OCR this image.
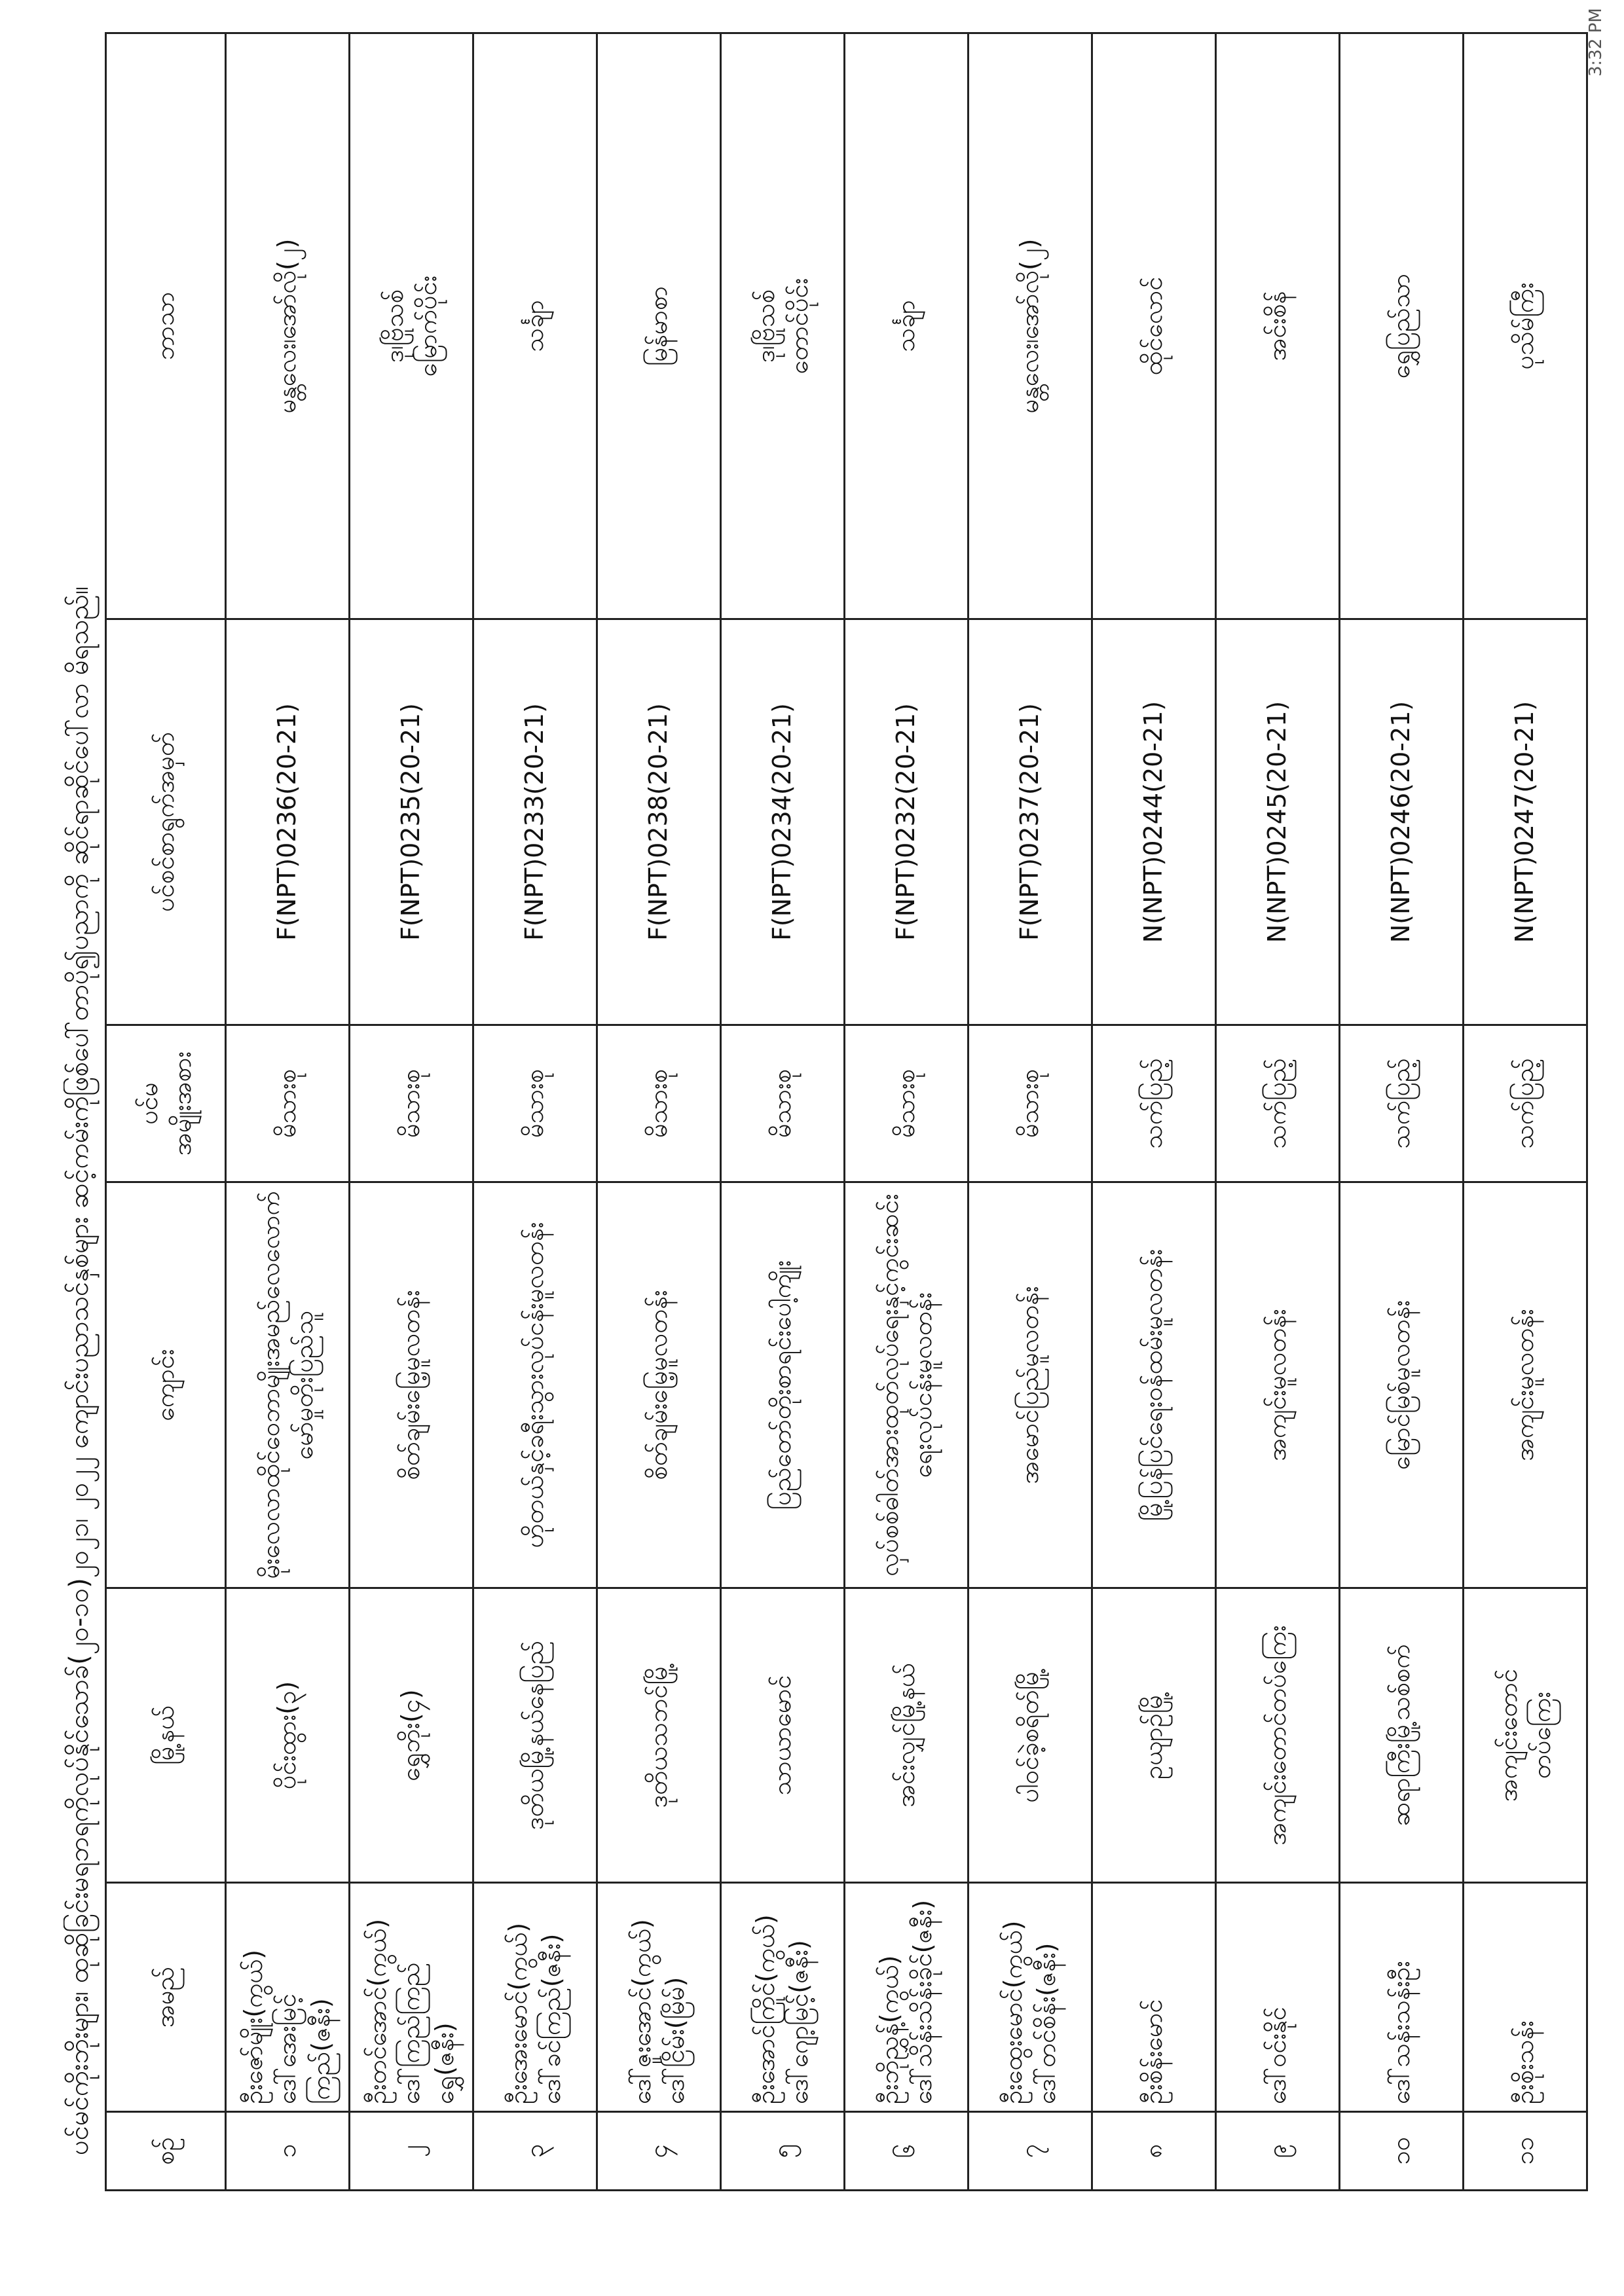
ပင်မင်ကိုးဘိုးများ၊ ထုဆိုခြင်းမရဘရကိုလုပ်နိုင်သောခ်(၂၀-၁၀)၂၀၂၁၊ ၂၀၂၂ ကျောင်းပညာသင်နှစ်များ ဆင့်ကမ်းကိုဖြစ်ပေါ်တာပို၍ပညာကို ဆိုင်ရာဆိုင်ပေါ်လာ မိရသည်။
3:32 PM
စဉ်	အမည်	မြို့နယ်	ကျောင်း	ပင်မ အမျိုးအစား	ပင်စင်စာရွက်အမှတ်	ဘာသာ

၁	ဦးဇော်မျိုး(ကွယ်) ဒေါ်အေးမြင့်ကြည်(ဇနီး)	ပိုင်းထွား(၃)	မိုးလေလာထိုင်ဝေဘာမျိုးအမည်လေလောက်မော်မှုတိုးပြည်သူ	မိသားစု	F(NPT)0236(20-21)	မန္တလေး၊အော်လို(၂)

၂	ဦးတင်အောင်(ကွယ်) ဒေါ်ကြည်ကြည်ရွှေ(ဇနီး)	ရွှေဘိုး(၄)	စိတ်ချမ်းမြေ့မူလတန်း	မိသားစု	F(NPT)0235(20-21)	ဒု၊ဗြိုသစ် မြောက်ပိုင်း

၃	ဦးအေးမောင်(ကွယ်) ဒေါ်ခင်ကြည်(ဇနီး)	ဒုတိယမြို့နယ်နေပြည်	ဟိုတယ်နှင့်ခရီးသွားလုပ်ငန်းမူလတန်း	မိသားစု	F(NPT)0233(20-21)	သင်္ချာ

၄	ဒေါ်ဇူးအောင်(ကွယ်) ဒေါ်ငြိမ်း(မြိမ်)	ဒုတိယသဘင်မြို့	စိတ်ချမ်းမြေ့မူလတန်း	မိသားစု	F(NPT)0238(20-21)	မြန်မာစာ

၅	ဦးအောင်ကြိုင်(ကွယ်) ဒေါ်ဂျော့မြင့်(ဇနီး)	သာယာမောင်	ပြည်တော်တိုးစာရင်းပေါ့ကျိုး	မိသားစု	F(NPT)0234(20-21)	ဒု၊ဗြိုသစ် တောင်ပိုင်း

၆	ဦးဘိုညွှန့်(ကွယ်) ဒေါ်သိန်းသိန်းခိုင်(ဇနီး)	အင်းလျှင်မြို့နယ်	လှပ်စစ်ဓါတ်အားထုတ်လုပ်ရေးနှင့်ကွင်းဆင်းရေးလုပ်ငန်းမူလတန်း	မိသားစု	F(NPT)0232(20-21)	သင်္ချာ

၇	ဦးထွေးမောင်(ကွယ်) ဒေါ်တင်စိန်း(ဇနီး)	ပါဝင်ခဲ့စရိတ်မြို့	အမောင်ပြည်မူလတန်း	မိသားစု	F(NPT)0237(20-21)	မန္တလေး၊အော်လို(၂)

၈	ဦးစိန်းမောင်	ဥယျာဉ်မြို့	မြို့ပြန်ပြင်ရေးဝန်ထမ်းမူလတန်း	သက်ပြည့်	N(NPT)0244(20-21)	ထိုင်လောင်

၉	ဒေါ်ဝင်းနိုင်	အကျင်းတောင်တပ်ကြေး	အကျင်းမူလတန်း	သက်ပြည့်	N(NPT)0245(20-21)	အင်းစိန်

၁၀	ဒေါ်သန်းသန်းဦး	ဆရာကြီးမြို့သစ်စက်	မြောင်မြစ်မူလတန်း	သက်ပြည့်	N(NPT)0246(20-21)	ရွှေပြည်သာ

၁၁	ဦးစိုးသန်း	အကျင်းတောင် တပ်ကြေး	အကျင်းမူလတန်း	သက်ပြည့်	N(NPT)0247(20-21)	ပုသိမ်ကြီး
